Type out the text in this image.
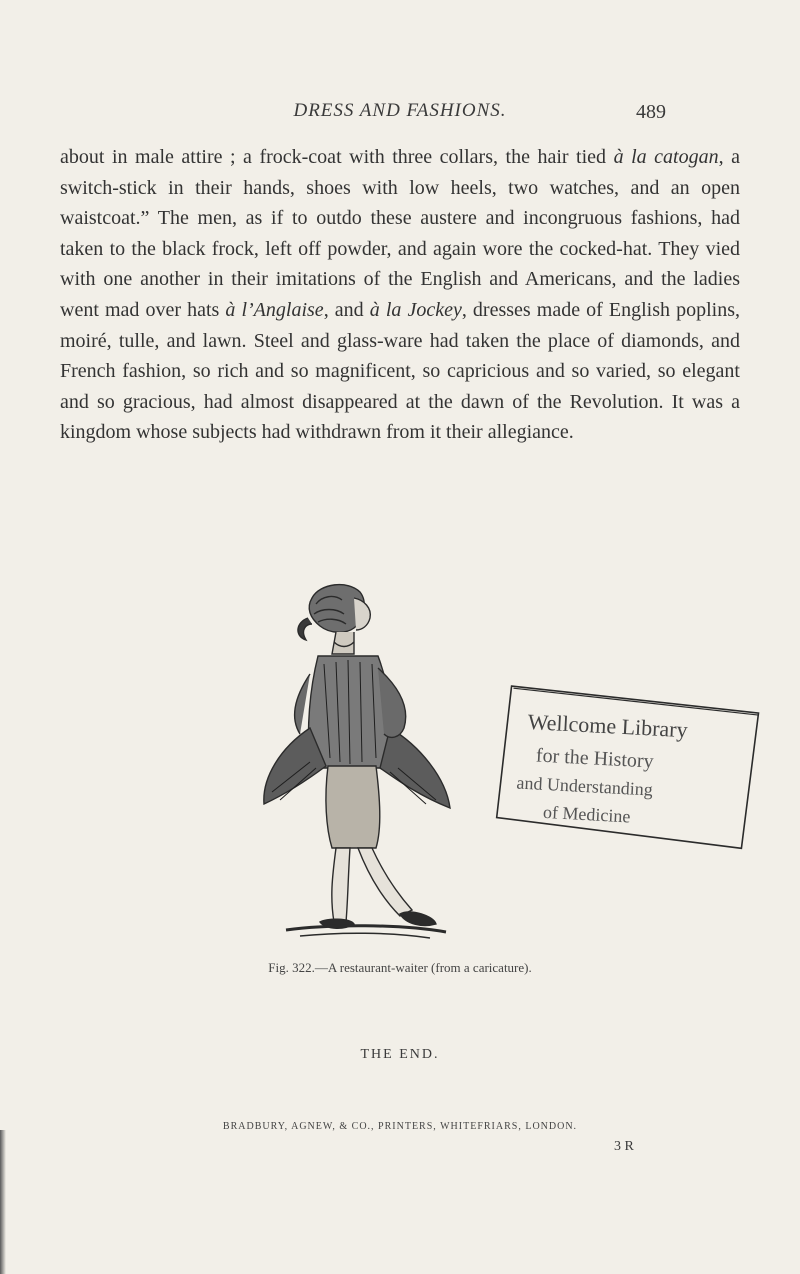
DRESS AND FASHIONS.	489

about in male attire ; a frock-coat with three collars, the hair tied à la catogan, a switch-stick in their hands, shoes with low heels, two watches, and an open waistcoat.” The men, as if to outdo these austere and incongruous fashions, had taken to the black frock, left off powder, and again wore the cocked-hat. They vied with one another in their imitations of the English and Americans, and the ladies went mad over hats à l’Anglaise, and à la Jockey, dresses made of English poplins, moiré, tulle, and lawn. Steel and glass-ware had taken the place of diamonds, and French fashion, so rich and so magnificent, so capricious and so varied, so elegant and so gracious, had almost disappeared at the dawn of the Revolution. It was a kingdom whose subjects had withdrawn from it their allegiance.

Wellcome Library
for the History
and Understanding
of Medicine
Fig. 322.—A restaurant-waiter (from a caricature).
THE END.
BRADBURY, AGNEW, & CO., PRINTERS, WHITEFRIARS, LONDON.
3 R
